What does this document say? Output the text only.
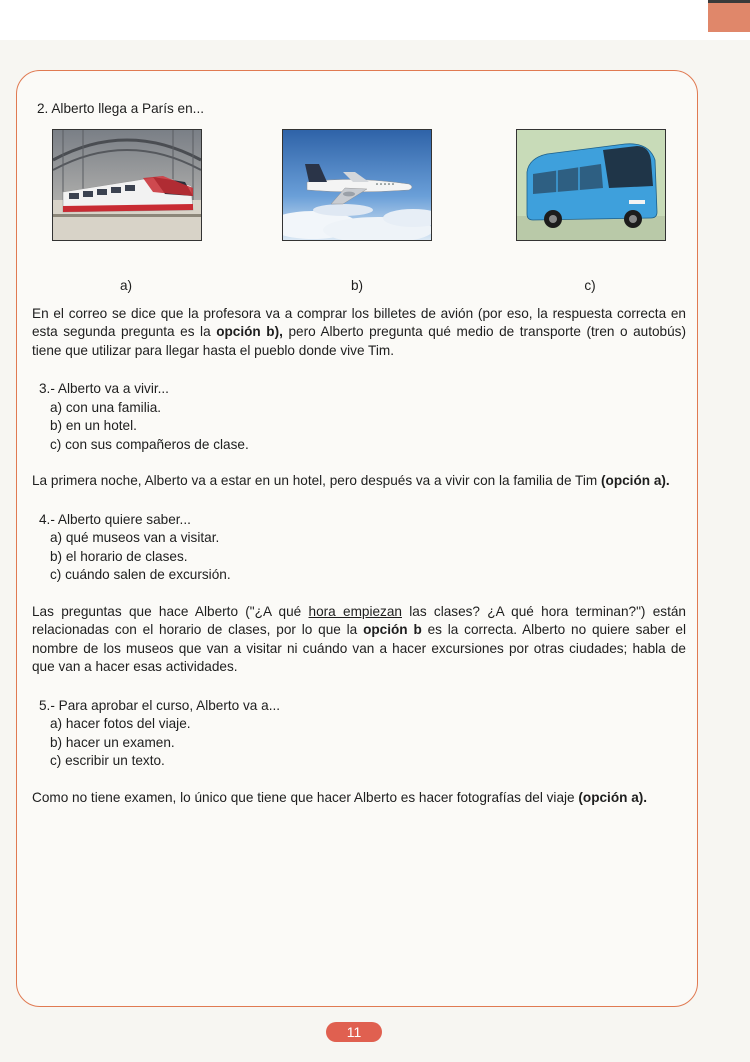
2. Alberto llega a París en...

a)	b)	c)

En el correo se dice que la profesora va a comprar los billetes de avión (por eso, la respuesta correcta en esta segunda pregunta es la opción b), pero Alberto pregunta qué medio de transporte (tren o autobús) tiene que utilizar para llegar hasta el pueblo donde vive Tim.

3.- Alberto va a vivir...

a) con una familia.

b) en un hotel.

c) con sus compañeros de clase.

La primera noche, Alberto va a estar en un hotel, pero después va a vivir con la familia de Tim (opción a).

4.- Alberto quiere saber...

a) qué museos van a visitar.

b) el horario de clases.

c) cuándo salen de excursión.

Las preguntas que hace Alberto ("¿A qué hora empiezan las clases? ¿A qué hora terminan?") están relacionadas con el horario de clases, por lo que la opción b es la correcta. Alberto no quiere saber el nombre de los museos que van a visitar ni cuándo van a hacer excursiones por otras ciudades; habla de que van a hacer esas actividades.

5.- Para aprobar el curso, Alberto va a...

a) hacer fotos del viaje.

b) hacer un examen.

c) escribir un texto.

Como no tiene examen, lo único que tiene que hacer Alberto es hacer fotografías del viaje (opción a).

11
